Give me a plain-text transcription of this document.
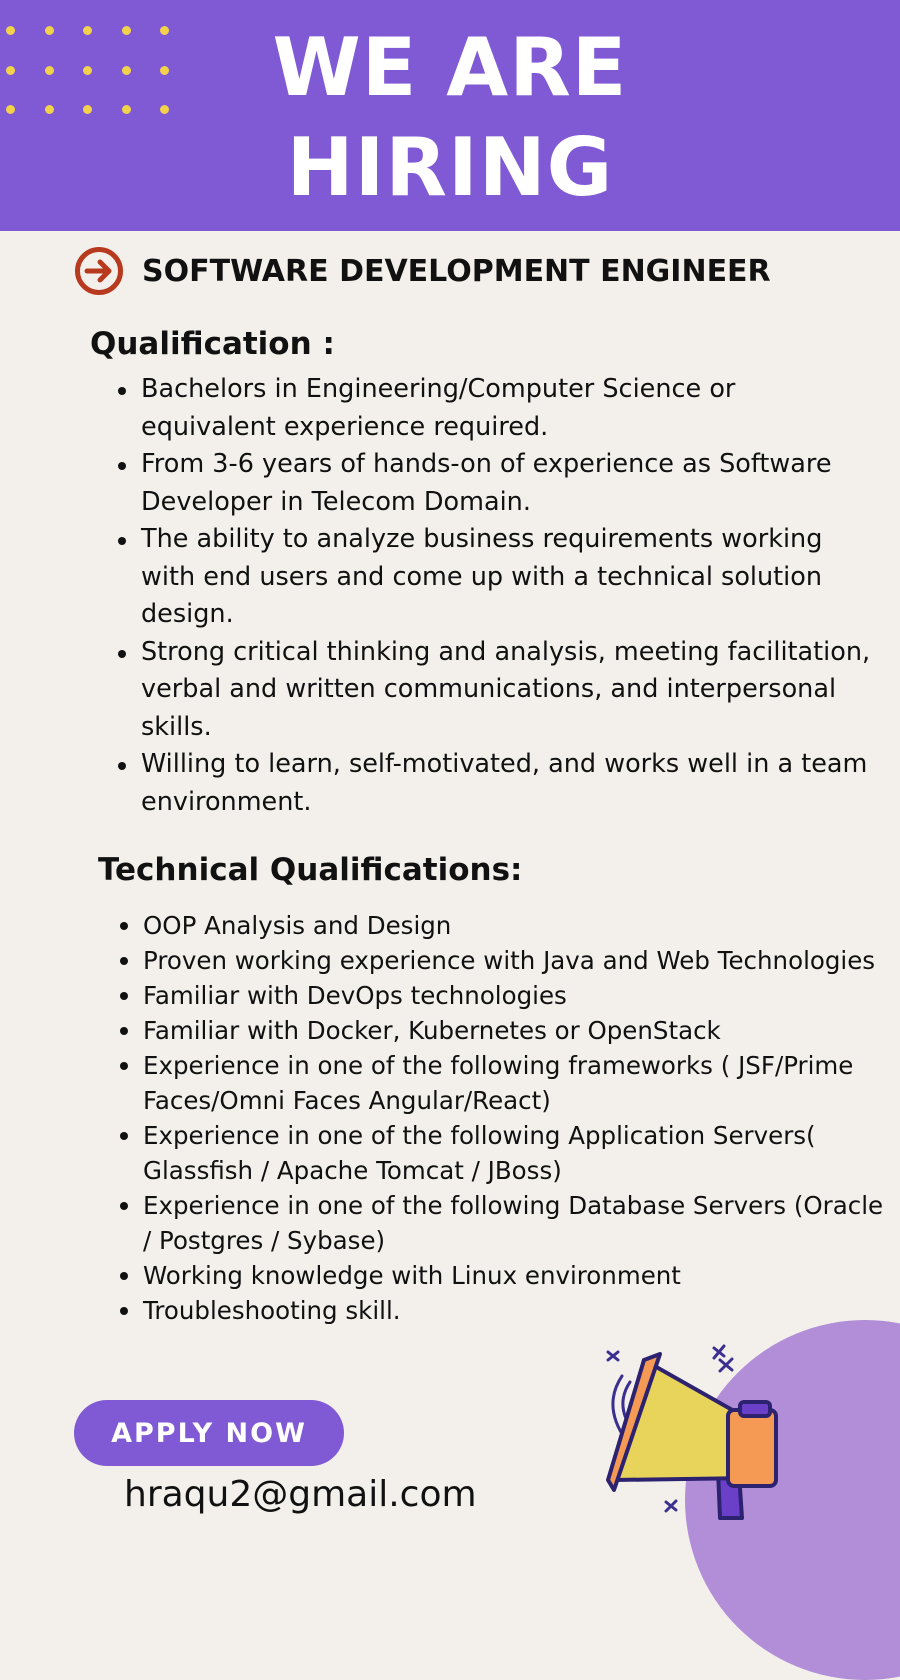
WE ARE
HIRING
SOFTWARE DEVELOPMENT ENGINEER
Qualification :
Bachelors in Engineering/Computer Science or equivalent experience required.
From 3-6 years of hands-on of experience as Software Developer in Telecom Domain.
The ability to analyze business requirements working with end users and come up with a technical solution design.
Strong critical thinking and analysis, meeting facilitation, verbal and written communications, and interpersonal skills.
Willing to learn, self-motivated, and works well in a team environment.
Technical Qualifications:
OOP Analysis and Design
Proven working experience with Java and Web Technologies
Familiar with DevOps technologies
Familiar with Docker, Kubernetes or OpenStack
Experience in one of the following frameworks ( JSF/Prime Faces/Omni Faces Angular/React)
Experience in one of the following Application Servers( Glassfish / Apache Tomcat / JBoss)
Experience in one of the following Database Servers (Oracle / Postgres / Sybase)
Working knowledge with Linux environment
Troubleshooting skill.
APPLY NOW
hraqu2@gmail.com
